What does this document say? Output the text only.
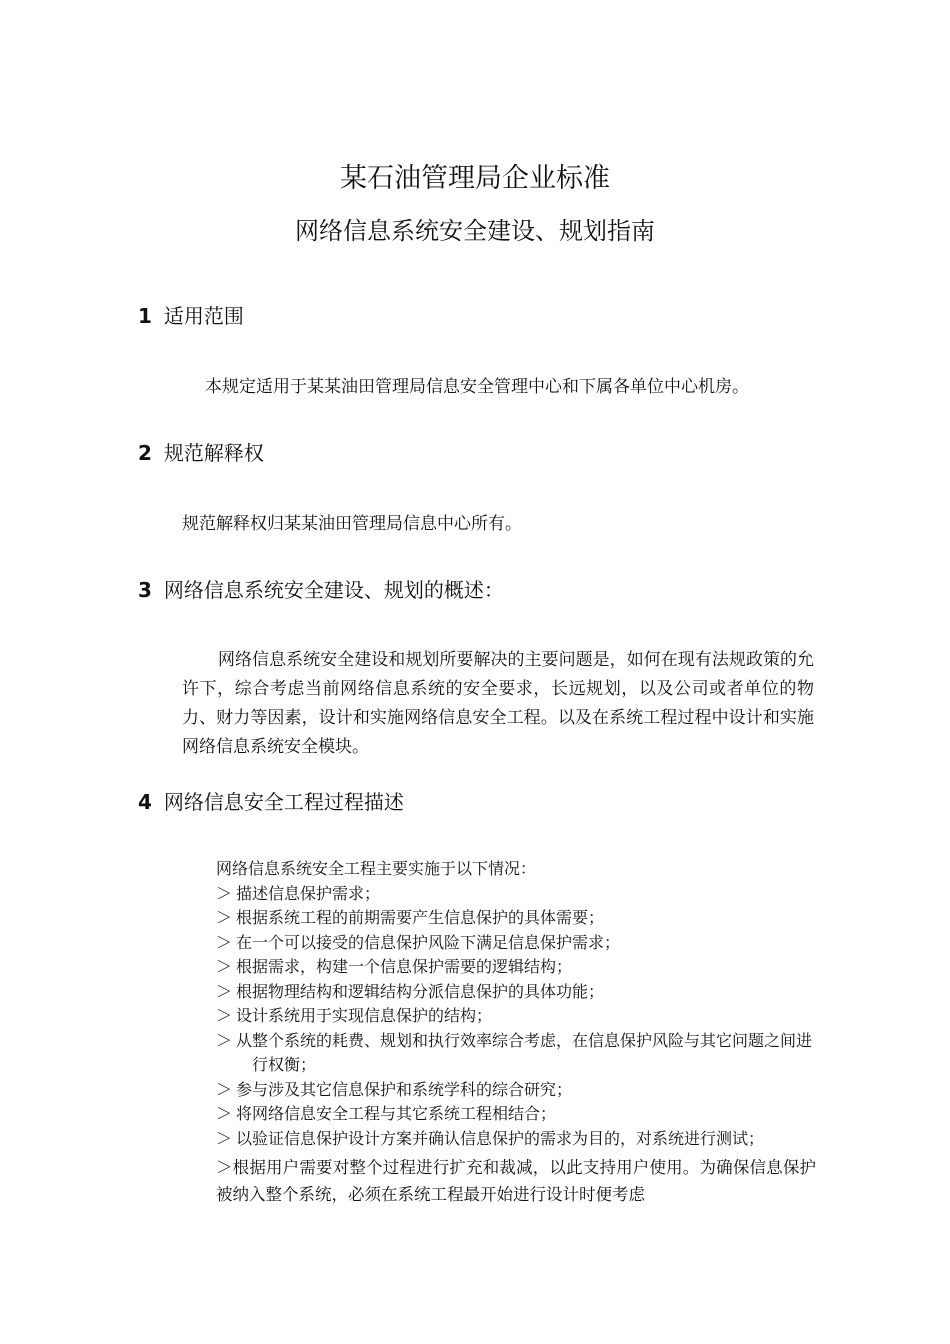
某石油管理局企业标准
网络信息系统安全建设、规划指南
1 适用范围

本规定适用于某某油田管理局信息安全管理中心和下属各单位中心机房。

2 规范解释权

规范解释权归某某油田管理局信息中心所有。

3 网络信息系统安全建设、规划的概述：

网络信息系统安全建设和规划所要解决的主要问题是，如何在现有法规政策的允许下，综合考虑当前网络信息系统的安全要求，长远规划，以及公司或者单位的物力、财力等因素，设计和实施网络信息安全工程。以及在系统工程过程中设计和实施网络信息系统安全模块。

4 网络信息安全工程过程描述

网络信息系统安全工程主要实施于以下情况：

＞ 描述信息保护需求；

＞ 根据系统工程的前期需要产生信息保护的具体需要；

＞ 在一个可以接受的信息保护风险下满足信息保护需求；

＞ 根据需求，构建一个信息保护需要的逻辑结构；

＞ 根据物理结构和逻辑结构分派信息保护的具体功能；

＞ 设计系统用于实现信息保护的结构；

＞ 从整个系统的耗费、规划和执行效率综合考虑，在信息保护风险与其它问题之间进行权衡；

＞ 参与涉及其它信息保护和系统学科的综合研究；

＞ 将网络信息安全工程与其它系统工程相结合；

＞ 以验证信息保护设计方案并确认信息保护的需求为目的，对系统进行测试；

＞根据用户需要对整个过程进行扩充和裁减，以此支持用户使用。为确保信息保护被纳入整个系统，必须在系统工程最开始进行设计时便考虑
